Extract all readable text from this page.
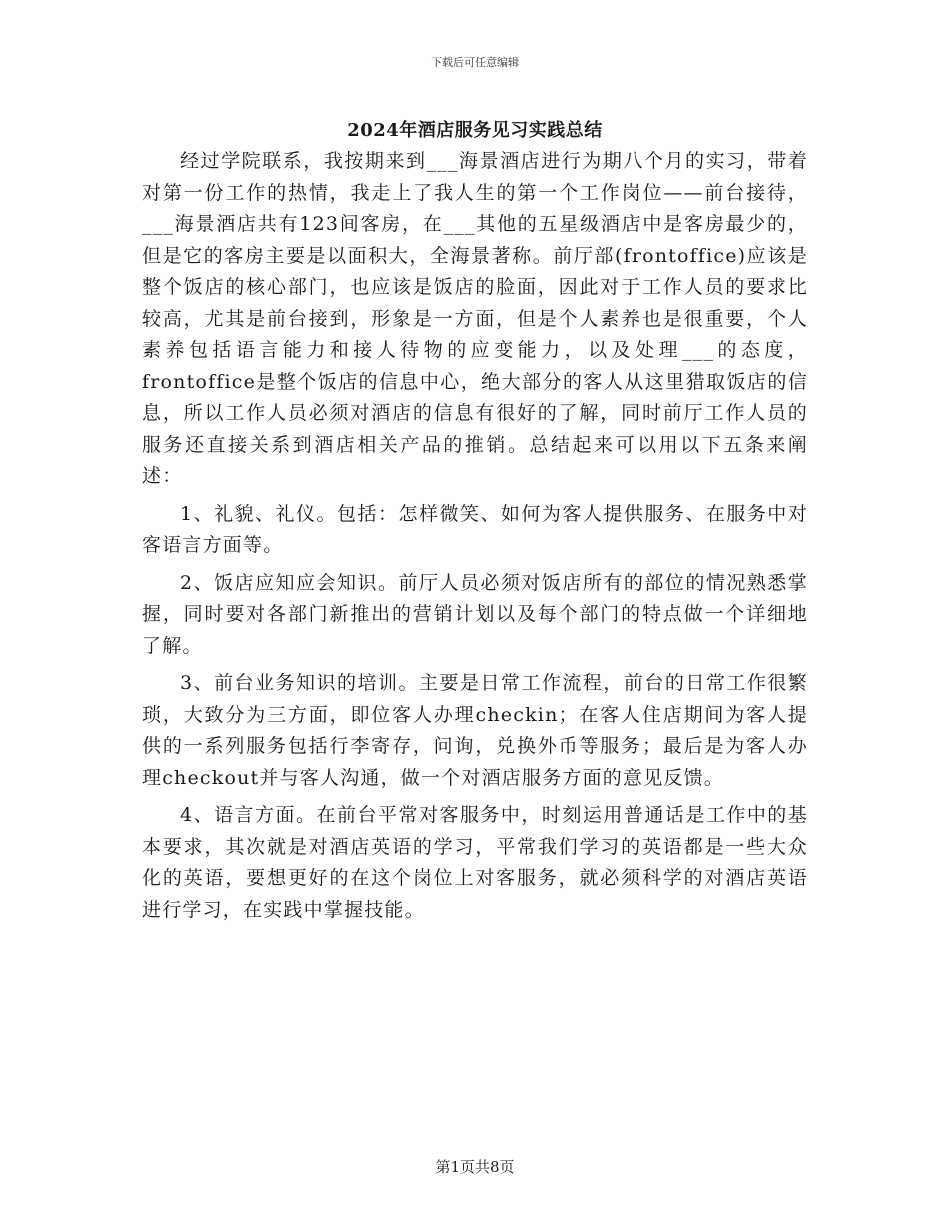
下载后可任意编辑
2024年酒店服务见习实践总结

经过学院联系，我按期来到___海景酒店进行为期八个月的实习，带着对第一份工作的热情，我走上了我人生的第一个工作岗位——前台接待，___海景酒店共有123间客房，在___其他的五星级酒店中是客房最少的，但是它的客房主要是以面积大，全海景著称。前厅部(frontoffice)应该是整个饭店的核心部门，也应该是饭店的脸面，因此对于工作人员的要求比较高，尤其是前台接到，形象是一方面，但是个人素养也是很重要，个人素养包括语言能力和接人待物的应变能力，以及处理___的态度，frontoffice是整个饭店的信息中心，绝大部分的客人从这里猎取饭店的信息，所以工作人员必须对酒店的信息有很好的了解，同时前厅工作人员的服务还直接关系到酒店相关产品的推销。总结起来可以用以下五条来阐述：

1、礼貌、礼仪。包括：怎样微笑、如何为客人提供服务、在服务中对客语言方面等。

2、饭店应知应会知识。前厅人员必须对饭店所有的部位的情况熟悉掌握，同时要对各部门新推出的营销计划以及每个部门的特点做一个详细地了解。

3、前台业务知识的培训。主要是日常工作流程，前台的日常工作很繁琐，大致分为三方面，即位客人办理checkin；在客人住店期间为客人提供的一系列服务包括行李寄存，问询，兑换外币等服务；最后是为客人办理checkout并与客人沟通，做一个对酒店服务方面的意见反馈。

4、语言方面。在前台平常对客服务中，时刻运用普通话是工作中的基本要求，其次就是对酒店英语的学习，平常我们学习的英语都是一些大众化的英语，要想更好的在这个岗位上对客服务，就必须科学的对酒店英语进行学习，在实践中掌握技能。

第1页共8页
